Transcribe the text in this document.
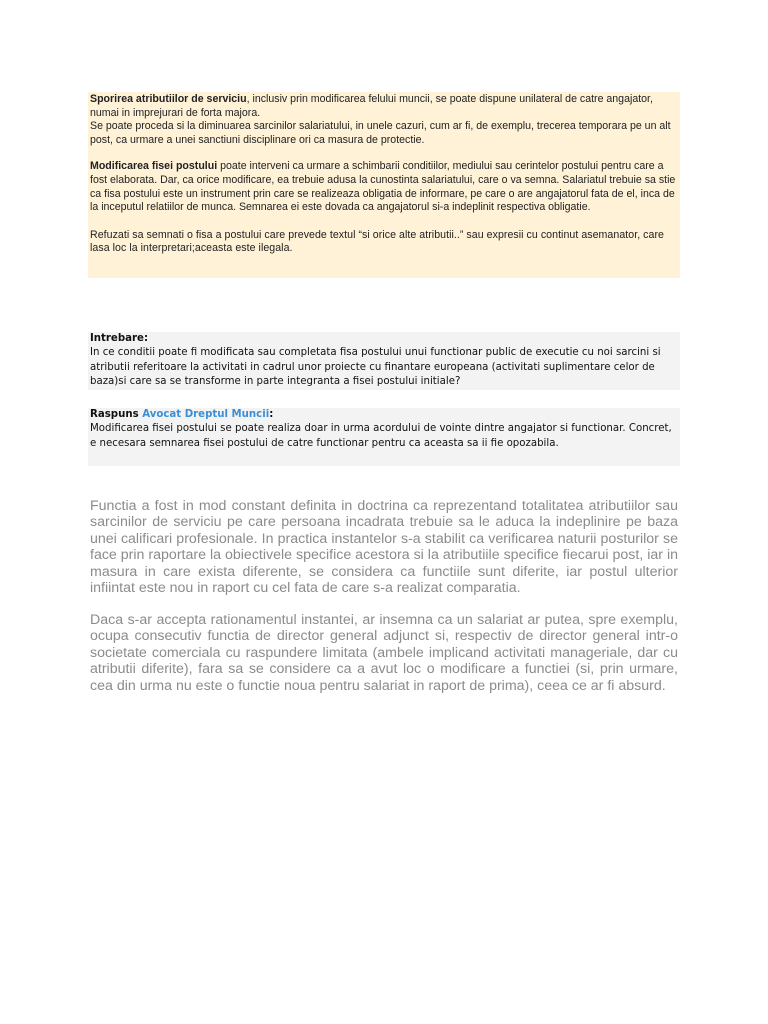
Sporirea atributiilor de serviciu, inclusiv prin modificarea felului muncii, se poate dispune unilateral de catre angajator, numai in imprejurari de forta majora.

Se poate proceda si la diminuarea sarcinilor salariatului, in unele cazuri, cum ar fi, de exemplu, trecerea temporara pe un alt post, ca urmare a unei sanctiuni disciplinare ori ca masura de protectie.

Modificarea fisei postului poate interveni ca urmare a schimbarii conditiilor, mediului sau cerintelor postului pentru care a fost elaborata. Dar, ca orice modificare, ea trebuie adusa la cunostinta salariatului, care o va semna. Salariatul trebuie sa stie ca fisa postului este un instrument prin care se realizeaza obligatia de informare, pe care o are angajatorul fata de el, inca de la inceputul relatiilor de munca. Semnarea ei este dovada ca angajatorul si-a indeplinit respectiva obligatie.

Refuzati sa semnati o fisa a postului care prevede textul “si orice alte atributii..” sau expresii cu continut asemanator, care lasa loc la interpretari;aceasta este ilegala.

Intrebare:

In ce conditii poate fi modificata sau completata fisa postului unui functionar public de executie cu noi sarcini si atributii referitoare la activitati in cadrul unor proiecte cu finantare europeana (activitati suplimentare celor de baza)si care sa se transforme in parte integranta a fisei postului initiale?

Raspuns Avocat Dreptul Muncii:

Modificarea fisei postului se poate realiza doar in urma acordului de vointe dintre angajator si functionar. Concret, e necesara semnarea fisei postului de catre functionar pentru ca aceasta sa ii fie opozabila.

Functia a fost in mod constant definita in doctrina ca reprezentand totalitatea atributiilor sau sarcinilor de serviciu pe care persoana incadrata trebuie sa le aduca la indeplinire pe baza unei calificari profesionale. In practica instantelor s-a stabilit ca verificarea naturii posturilor se face prin raportare la obiectivele specifice acestora si la atributiile specifice fiecarui post, iar in masura in care exista diferente, se considera ca functiile sunt diferite, iar postul ulterior infiintat este nou in raport cu cel fata de care s-a realizat comparatia.

Daca s-ar accepta rationamentul instantei, ar insemna ca un salariat ar putea, spre exemplu, ocupa consecutiv functia de director general adjunct si, respectiv de director general intr-o societate comerciala cu raspundere limitata (ambele implicand activitati manageriale, dar cu atributii diferite), fara sa se considere ca a avut loc o modificare a functiei (si, prin urmare, cea din urma nu este o functie noua pentru salariat in raport de prima), ceea ce ar fi absurd.
